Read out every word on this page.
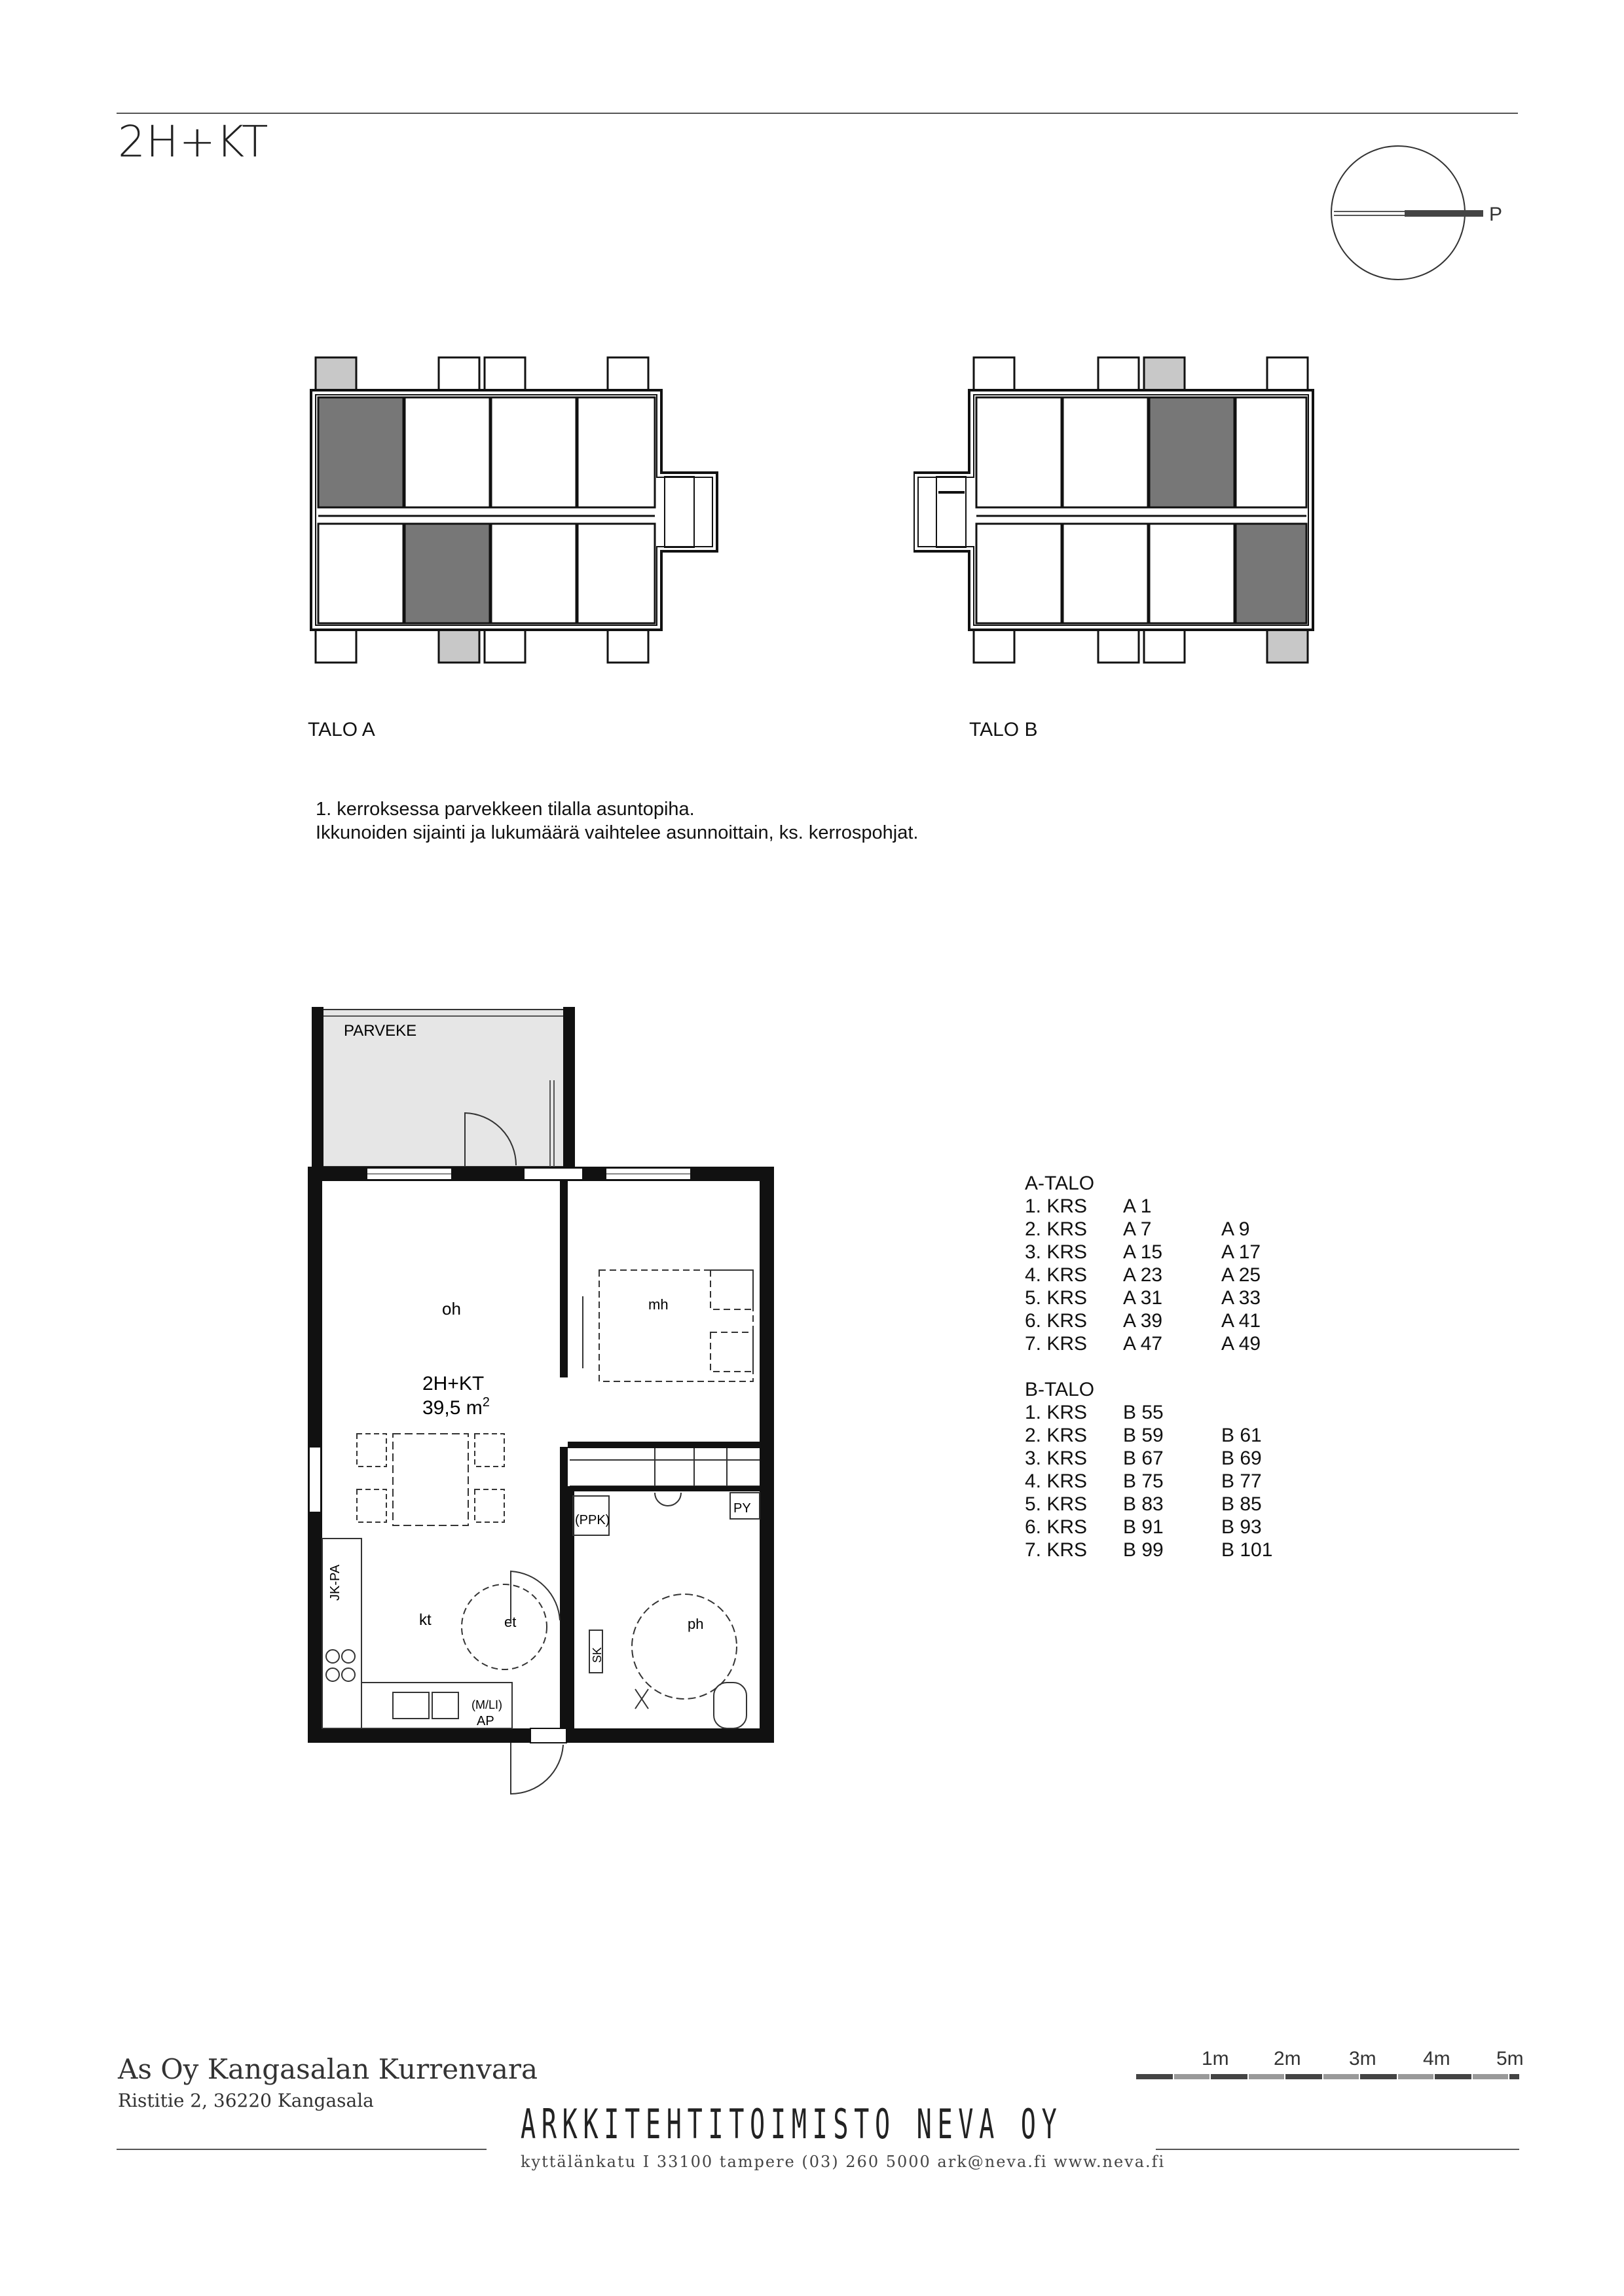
2H+KT
P
TALO A	TALO B
1. kerroksessa parvekkeen tilalla asuntopiha.
Ikkunoiden sijainti ja lukumäärä vaihtelee asunnoittain, ks. kerrospohjat.
PARVEKE
mh
oh
2H+KT
39,5 $m^2$
JK-PA
(M/LI)
AP
kt	et
(PPK)
PY
ph
SK
A-TALO
1. KRS	A 1
2. KRS	A 7	A 9
3. KRS	A 15	A 17
4. KRS	A 23	A 25
5. KRS	A 31	A 33
6. KRS	A 39	A 41
7. KRS	A 47	A 49
B-TALO
1. KRS	B 55
2. KRS	B 59	B 61
3. KRS	B 67	B 69
4. KRS	B 75	B 77
5. KRS	B 83	B 85
6. KRS	B 91	B 93
7. KRS	B 99	B 101
As Oy Kangasalan Kurrenvara
Ristitie 2, 36220 Kangasala	ARKKITEHTITOIMISTO NEVA OY
kyttälänkatu I 33100 tampere (03) 260 5000 ark@neva.fi www.neva.fi
1m 2m 3m 4m 5m
